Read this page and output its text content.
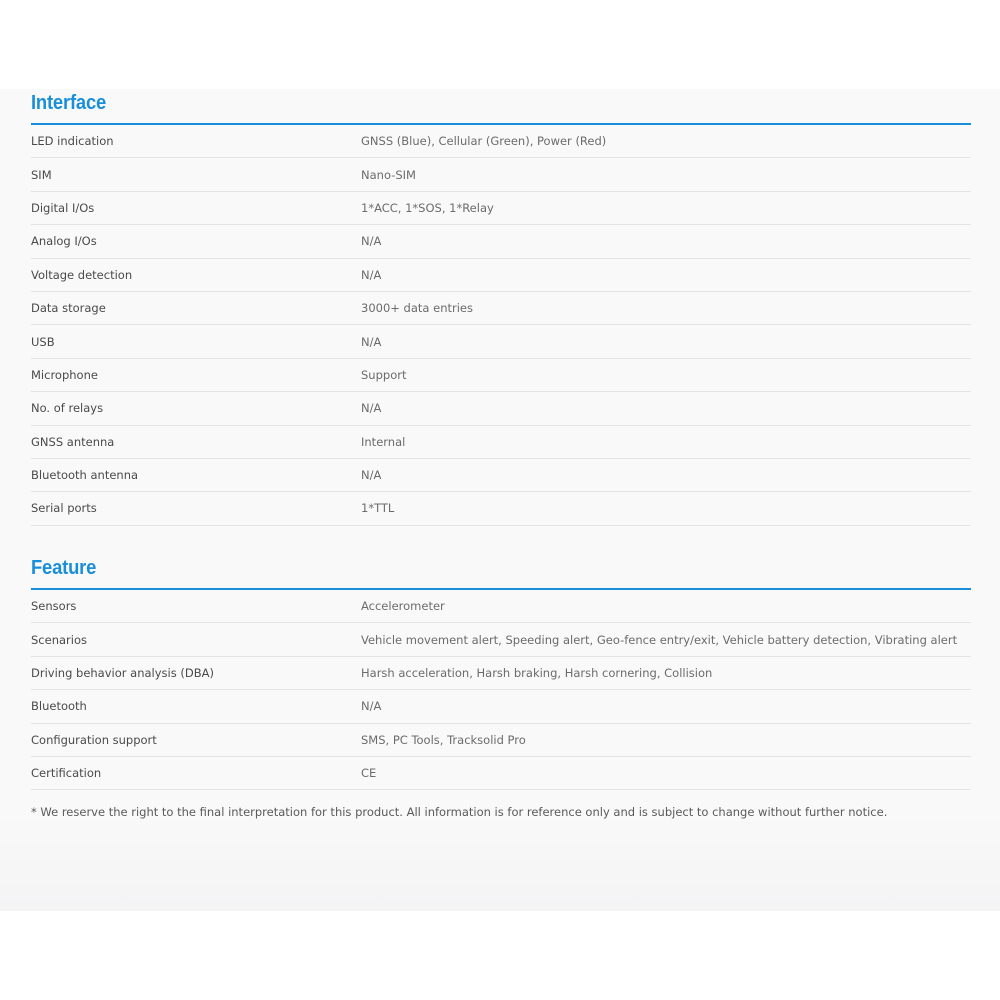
Interface
LED indication	GNSS (Blue), Cellular (Green), Power (Red)
SIM	Nano-SIM
Digital I/Os	1*ACC, 1*SOS, 1*Relay
Analog I/Os	N/A
Voltage detection	N/A
Data storage	3000+ data entries
USB	N/A
Microphone	Support
No. of relays	N/A
GNSS antenna	Internal
Bluetooth antenna	N/A
Serial ports	1*TTL
Feature
Sensors	Accelerometer
Scenarios	Vehicle movement alert, Speeding alert, Geo-fence entry/exit, Vehicle battery detection, Vibrating alert
Driving behavior analysis (DBA)	Harsh acceleration, Harsh braking, Harsh cornering, Collision
Bluetooth	N/A
Configuration support	SMS, PC Tools, Tracksolid Pro
Certification	CE
* We reserve the right to the final interpretation for this product. All information is for reference only and is subject to change without further notice.
